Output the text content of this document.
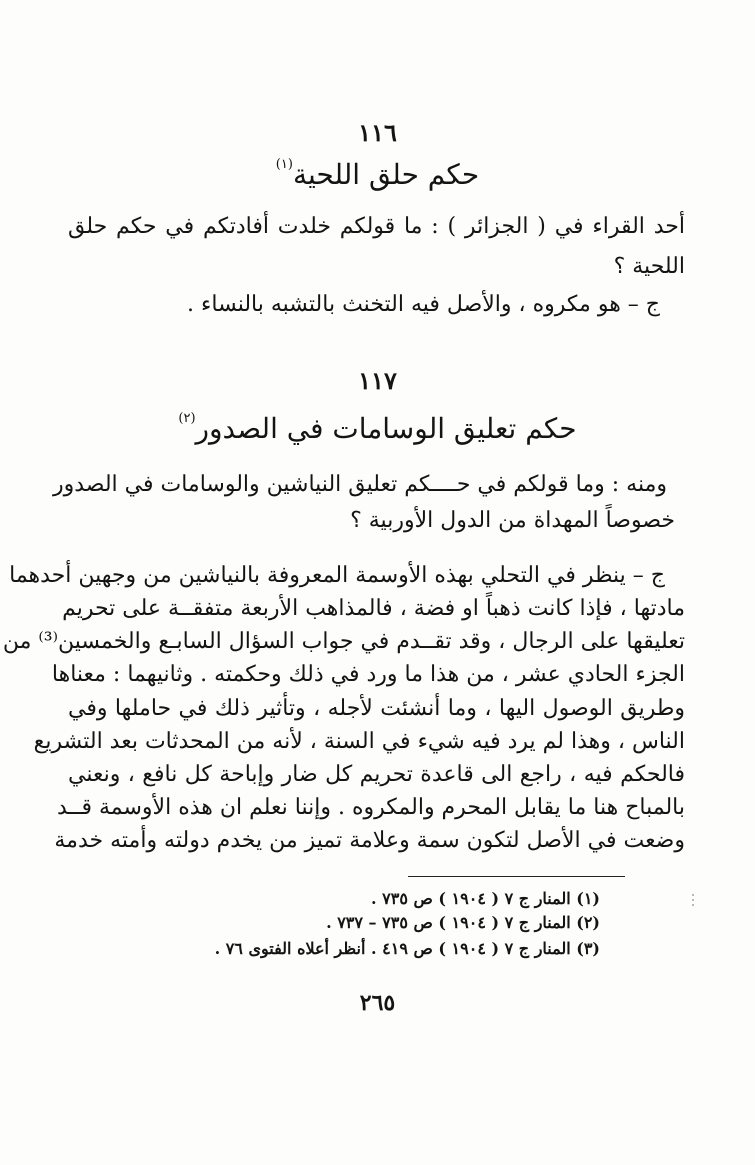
١١٦
حكم حلق اللحية$^{(١)}$
أحد القراء في ( الجزائر ) : ما قولكم خلدت أفادتكم في حكم حلق
اللحية ؟
ج – هو مكروه ، والأصل فيه التخنث بالتشبه بالنساء .
١١٧
حكم تعليق الوسامات في الصدور$^{(٢)}$
ومنه : وما قولكم في حــــكم تعليق النياشين والوسامات في الصدور
خصوصاً المهداة من الدول الأوربية ؟
ج – ينظر في التحلي بهذه الأوسمة المعروفة بالنياشين من وجهين أحدهما
مادتها ، فإذا كانت ذهباً او فضة ، فالمذاهب الأربعة متفقــة على تحريم
تعليقها على الرجال ، وقد تقــدم في جواب السؤال السابـع والخمسين⁽³⁾ من
الجزء الحادي عشر ، من هذا ما ورد في ذلك وحكمته . وثانيهما : معناها
وطريق الوصول اليها ، وما أنشئت لأجله ، وتأثير ذلك في حاملها وفي
الناس ، وهذا لم يرد فيه شيء في السنة ، لأنه من المحدثات بعد التشريع
فالحكم فيه ، راجع الى قاعدة تحريم كل ضار وإباحة كل نافع ، ونعني
بالمباح هنا ما يقابل المحرم والمكروه . وإننا نعلم ان هذه الأوسمة قــد
وضعت في الأصل لتكون سمة وعلامة تميز من يخدم دولته وأمته خدمة
(١) المنار ج ٧ ( ١٩٠٤ ) ص ٧٣٥ .
(٢) المنار ج ٧ ( ١٩٠٤ ) ص ٧٣٥ – ٧٣٧ .
(٣) المنار ج ٧ ( ١٩٠٤ ) ص ٤١٩ . أنظر أعلاه الفتوى ٧٦ .
٢٦٥
